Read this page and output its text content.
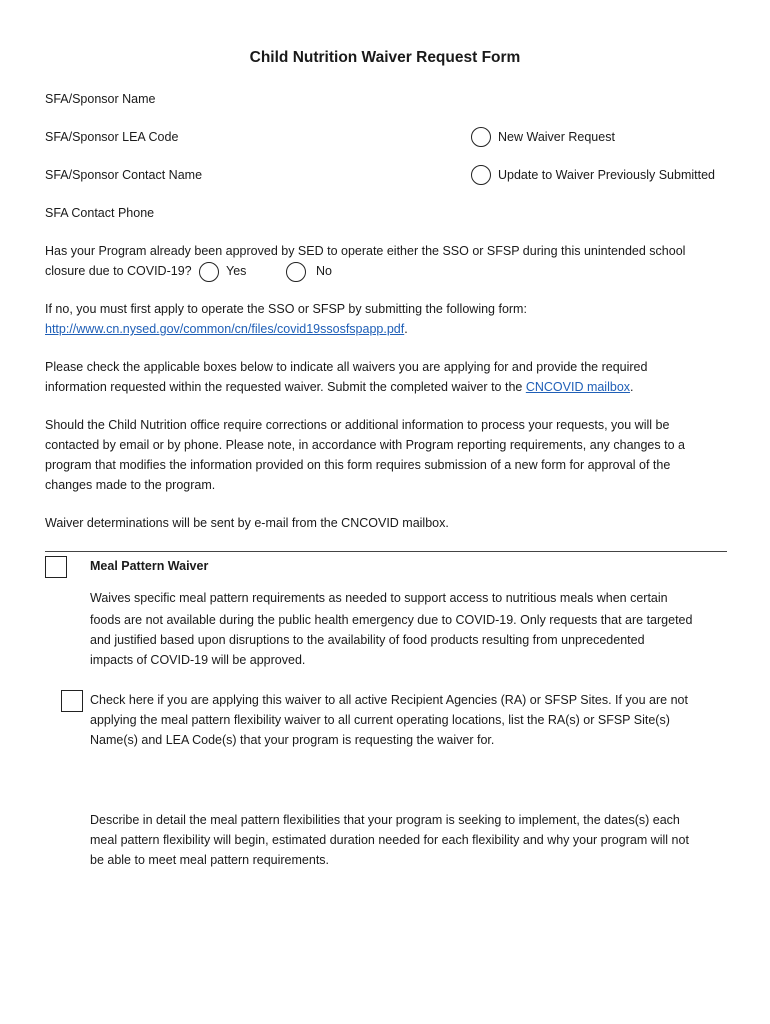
Child Nutrition Waiver Request Form
SFA/Sponsor Name
SFA/Sponsor LEA Code
SFA/Sponsor Contact Name
SFA Contact Phone
New Waiver Request
Update to Waiver Previously Submitted
Has your Program already been approved by SED to operate either the SSO or SFSP during this unintended school
closure due to COVID-19?	Yes	No
If no, you must first apply to operate the SSO or SFSP by submitting the following form:
http://www.cn.nysed.gov/common/cn/files/covid19ssosfspapp.pdf.
Please check the applicable boxes below to indicate all waivers you are applying for and provide the required
information requested within the requested waiver. Submit the completed waiver to the CNCOVID mailbox.
Should the Child Nutrition office require corrections or additional information to process your requests, you will be
contacted by email or by phone. Please note, in accordance with Program reporting requirements, any changes to a
program that modifies the information provided on this form requires submission of a new form for approval of the
changes made to the program.
Waiver determinations will be sent by e-mail from the CNCOVID mailbox.
Meal Pattern Waiver
Waives specific meal pattern requirements as needed to support access to nutritious meals when certain
foods are not available during the public health emergency due to COVID-19. Only requests that are targeted
and justified based upon disruptions to the availability of food products resulting from unprecedented
impacts of COVID-19 will be approved.
Check here if you are applying this waiver to all active Recipient Agencies (RA) or SFSP Sites. If you are not
applying the meal pattern flexibility waiver to all current operating locations, list the RA(s) or SFSP Site(s)
Name(s) and LEA Code(s) that your program is requesting the waiver for.
Describe in detail the meal pattern flexibilities that your program is seeking to implement, the dates(s) each
meal pattern flexibility will begin, estimated duration needed for each flexibility and why your program will not
be able to meet meal pattern requirements.
